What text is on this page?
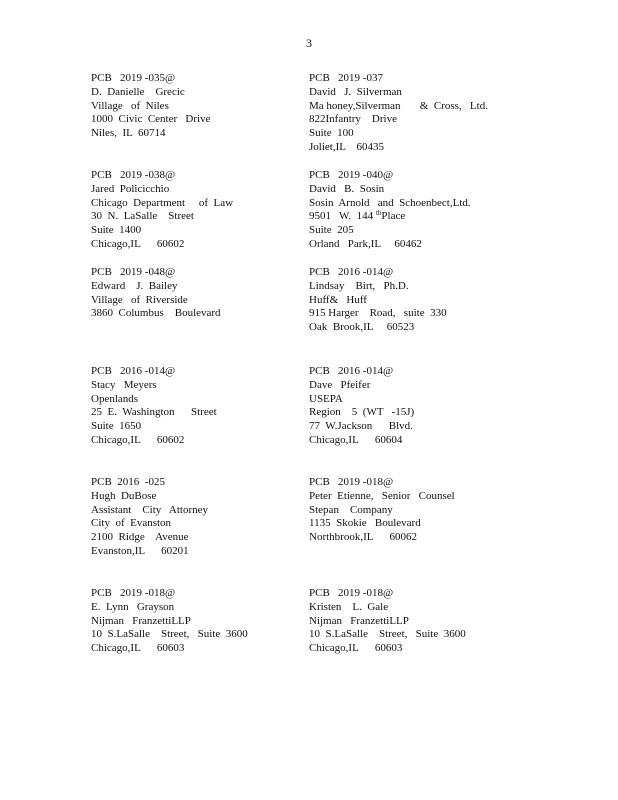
3
PCB   2019 -035@
D.  Danielle    Grecic
Village   of  Niles
1000  Civic  Center   Drive
Niles,  IL  60714
PCB   2019 -037
David   J.  Silverman
Ma honey,Silverman       &  Cross,   Ltd.
822Infantry    Drive
Suite  100
Joliet,IL    60435
PCB   2019 -038@
Jared  Policicchio
Chicago  Department     of  Law
30  N.  LaSalle    Street
Suite  1400
Chicago,IL      60602
PCB   2019 -040@
David   B.  Sosin
Sosin  Arnold   and  Schoenbect,Ltd.
9501   W.  144 $^{th}$Place
Suite  205
Orland   Park,IL     60462
PCB   2019 -048@
Edward    J.  Bailey
Village   of  Riverside
3860  Columbus    Boulevard
PCB   2016 -014@
Lindsay    Birt,   Ph.D.
Huff&   Huff
915 Harger    Road,   suite  330
Oak  Brook,IL     60523
PCB   2016 -014@
Stacy   Meyers
Openlands
25  E.  Washington      Street
Suite  1650
Chicago,IL      60602
PCB   2016 -014@
Dave   Pfeifer
USEPA
Region    5  (WT   -15J)
77  W.Jackson      Blvd.
Chicago,IL      60604
PCB  2016  -025
Hugh  DuBose
Assistant    City   Attorney
City  of  Evanston
2100  Ridge    Avenue
Evanston,IL      60201
PCB   2019 -018@
Peter  Etienne,   Senior   Counsel
Stepan    Company
1135  Skokie   Boulevard
Northbrook,IL      60062
PCB   2019 -018@
E.  Lynn   Grayson
Nijman   FranzettiLLP
10  S.LaSalle    Street,   Suite  3600
Chicago,IL      60603
PCB   2019 -018@
Kristen    L.  Gale
Nijman   FranzettiLLP
10  S.LaSalle    Street,   Suite  3600
Chicago,IL      60603
